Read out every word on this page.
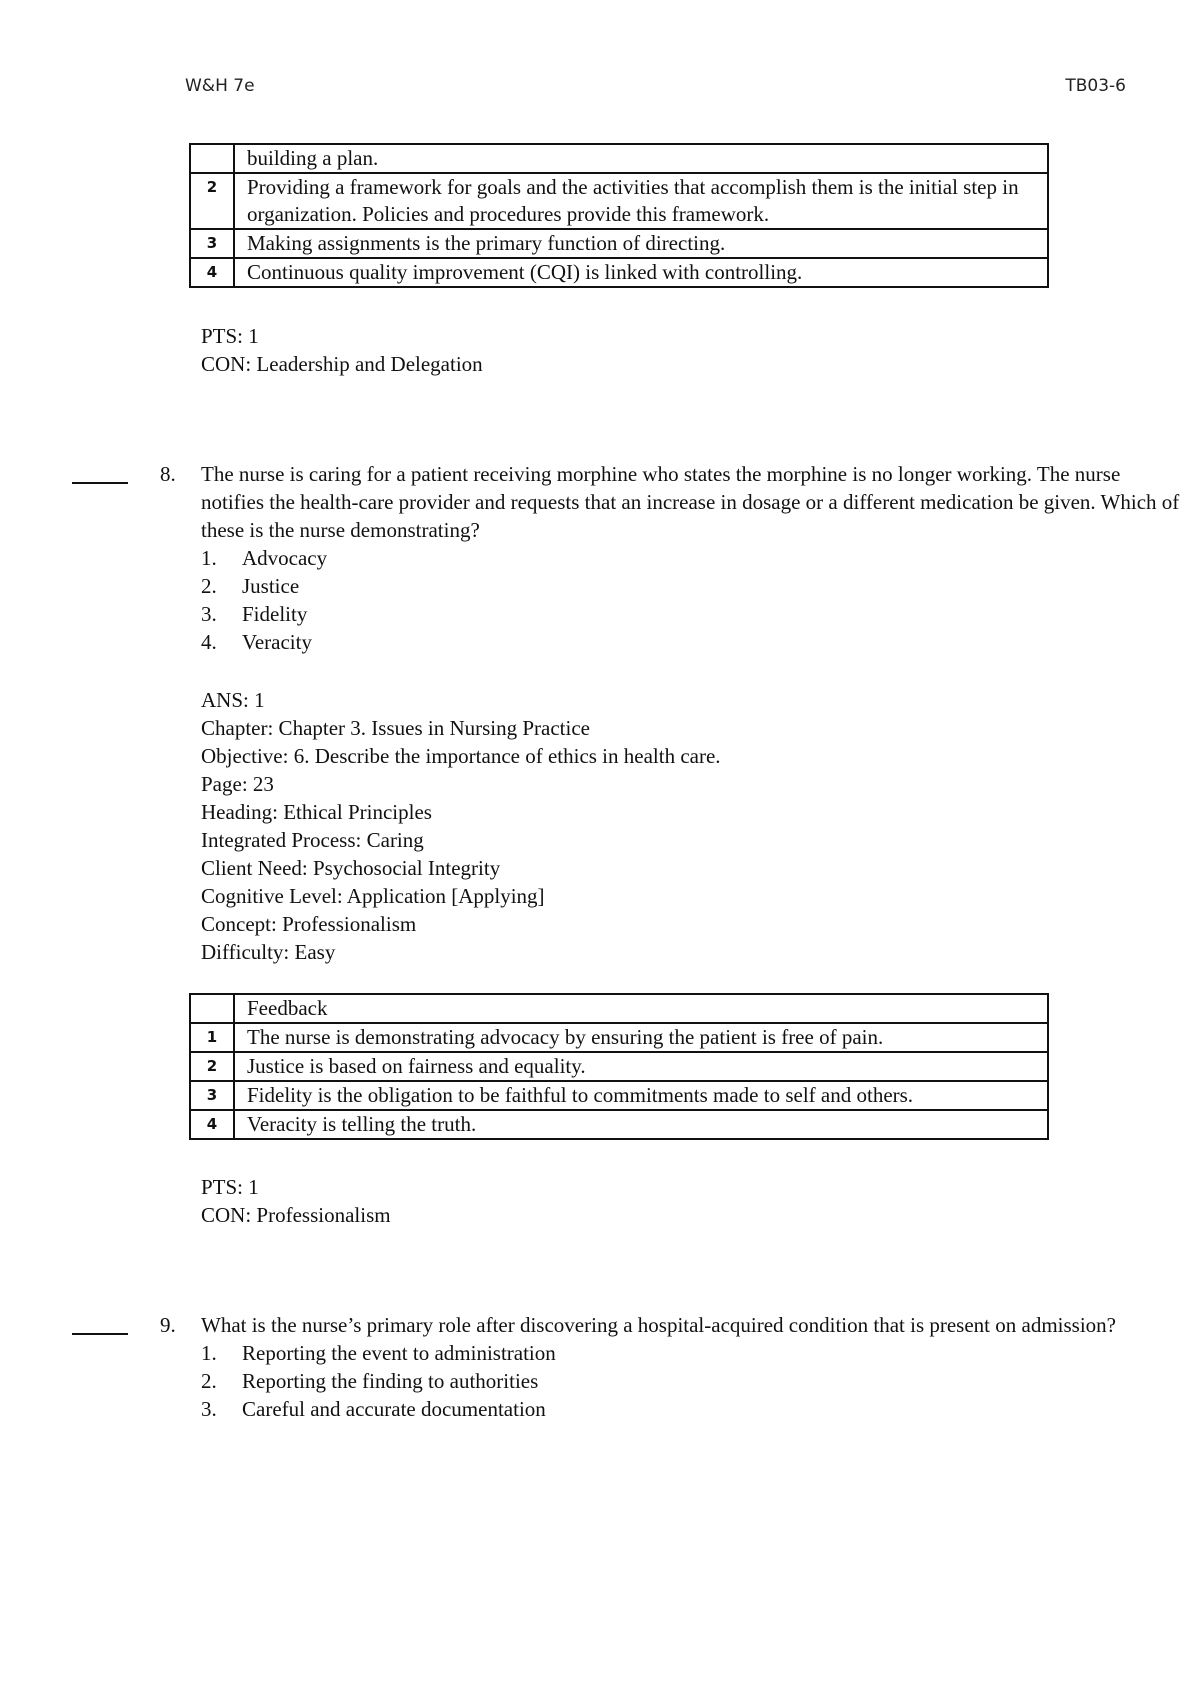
W&H 7e	TB03-6
	building a plan.
2	Providing a framework for goals and the activities that accomplish them is the initial step in organization. Policies and procedures provide this framework.
3	Making assignments is the primary function of directing.
4	Continuous quality improvement (CQI) is linked with controlling.
PTS: 1
CON: Leadership and Delegation
8. The nurse is caring for a patient receiving morphine who states the morphine is no longer working. The nurse notifies the health-care provider and requests that an increase in dosage or a different medication be given. Which of these is the nurse demonstrating?
1.	Advocacy
2.	Justice
3.	Fidelity
4.	Veracity
ANS: 1
Chapter: Chapter 3. Issues in Nursing Practice
Objective: 6. Describe the importance of ethics in health care.
Page: 23
Heading: Ethical Principles
Integrated Process: Caring
Client Need: Psychosocial Integrity
Cognitive Level: Application [Applying]
Concept: Professionalism
Difficulty: Easy
	Feedback
1	The nurse is demonstrating advocacy by ensuring the patient is free of pain.
2	Justice is based on fairness and equality.
3	Fidelity is the obligation to be faithful to commitments made to self and others.
4	Veracity is telling the truth.
PTS: 1
CON: Professionalism
9. What is the nurse’s primary role after discovering a hospital-acquired condition that is present on admission?
1.	Reporting the event to administration
2.	Reporting the finding to authorities
3.	Careful and accurate documentation
